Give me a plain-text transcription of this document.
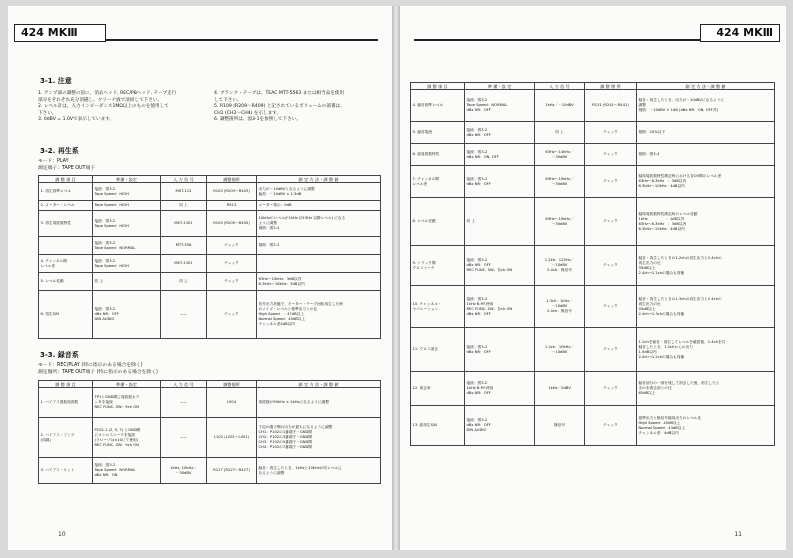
424 MKⅢ
3-1. 注意
1. アンプ部の調整の前に、消去ヘッド, REC/PBヘッド, テープ走行
部分をそれぞれ充分消磁し、クリーナ液で清掃して下さい。
2. レベル計は、入力インピーダンス1MΩ以上のものを使用して
下さい。
3. 0dBV = 1.0Vで表示しています。
4. ブランク・テープは、TEAC MTT-5563 または相当品を使用
して下さい。
5. R109 (R209～R409) と記されているボリュームの部番は、
CH1 (CH2～CH4) を示します。
6. 調整箇所は、図3-1を参照して下さい。
3-2. 再生系
モード：PLAY
測定端子：TAPE OUT端子
調 整 項 目	準備・設定	入 力 信 号	調整個所	測 定 方 法・調 整 値
1. 再生基準レベル	接続：図3-2
Tape Speed：HIGH	MXT-112	R103 (R203～R403)	出力が－10dBVとなるように調整
偏差：－10dBV ± 1.5dB
2. メーター・レベル	Tape Speed：HIGH	同 上	R513	メーター指示：0dB
3. 再生周波数特性	接続：図3-2
Tape Speed：HIGH	MXT-1301	R105 (R205～R405)	10kHzのレベルが1kHz (315Hz 以降レベル) になる
ように調整
規格：図3-3
	接続：図3-2
Tape Speed：NORMAL	MTT-356	チェック	規格：図3-3
4. チャンネル間
レベル差	接続：図3-2
Tape Speed：HIGH	MXT-1301	チェック	
5. レベル変動	同 上	同 上	チェック	63Hz～10kHz：3dB以内
6.3kHz～18kHz：3dB以内
6. 再生S/N	接続：図3-2
dBx NR：OFF
DIN AUDIO	——	チェック	信号出力状態で、モーター・テープ回転再生した時
のノイズ・レベルと基準出力との比
High Speed　：47dB以上
Normal Speed：45dB以上
チャンネル差4dB以内
3-3. 録音系
モード：REC/PLAY (特に指示のある場合を除く)
測定個所：TAPE OUT端子 (特に指示のある場合を除く)
調 整 項 目	準備・設定	入 力 信 号	調整個所	測 定 方 法・調 整 値
1. バイアス発振周波数	TP1とGND間に周波数カウ
ンタを接続
REC FUNC. SW：9ch ON	——	L504	周波数が90kHz ± 2kHzになるように調整
2. バイアス・アンプ
(同調)	P102-1 (2, 5, 7) とGND間
にオシロスコープを接続
(プローブは×10にて使用)
REC FUNC. SW：9ch ON	——	L101 (L201～L401)	下記の端子間の出力が最大になるように調整
CH1：P102の1番端子－GND間
CH2：P102の3番端子－GND間
CH3：P102の5番端子－GND間
CH4：P102の7番端子－GND間
3. バイアス・セット	接続：図3-2
Tape Speed：NORMAL
dBx NR：ON	1kHz, 10kHz／
－30dBV	R127 (R227～R427)	録音・再生したとき、1kHzと10kHzが同レベルに
なるように調整
10
424 MKⅢ
調 整 項 目	準 備・設 定	入 力 信 号	調 整 箇 所	測 定 方 法・調 整 値
4. 録音基準レベル	接続：図3-2
Tape Speed：NORMAL
dBx NR：OFF	1kHz／－10dBV	R131 (R241～R441)	録音・再生したとき、出力が－10dBVになるように
調整
規格：－10dBV ± 1dB (dBx NR：ON, OFF共)
5. 録音電流	接続：図3-2
dBx NR：OFF	同 上	チェック	規格：20%以下
6. 総周波数特性	接続：図3-2
dBx NR：ON, OFF	63Hz～14kHz／
－30dBV	チェック	規格：図3-4
7. チャンネル間
レベル差	接続：図3-2
dBx NR：OFF	63Hz～10kHz／
－30dBV	チェック	録再周波数特性測定時における各CH間のレベル差
63Hz～6.3kHz　：3dB以内
6.3kHz～10kHz：4dB以内
8. レベル変動	同 上	63Hz～10kHz／
－30dBV	チェック	録再周波数特性測定時のレベル変動
1kHz　　　　　：1dB以内
63Hz～6.3kHz　：3dB以内
6.3kHz～10kHz：4dB以内
9. トラック間
クロストーク	接続：図3-2
dBx NR：OFF
REC FUNC. SW：各ch ON	1.2kh：125Hz／
－10dBV
2.4ch：無信号	チェック	録音・再生したときの1.2chの再生出力と2.4chの
再生出力の比
35dB以上
2.4ch→1.2chの場合も同様
10. チャンネル・
セパレーション	接続：図3-2
1kHz B.P.F.使用
REC FUNC. SW：各ch ON
dBx NR：OFF	1.3ch：1kHz／
－10dBV
2.4ch：無信号	チェック	録音・再生したときの1.3chの再生出力と2.4chの
再生出力の比
45dB以上
2.4ch→1.3chの場合も同様
11. クロス消去	接続：図3-2
dBx NR：OFF	1.2ch：10kHz／
－10dBV	チェック	1.2chを録音・再生してレベルを確認後、2.4chを共
録音したとき、1.2chからの出力
1.5dB以内
2.4ch→1.2chの場合も同様
12. 消去率	接続：図3-2
1kHz B.P.F.使用
dBx NR：OFF	1kHz／0dBV	チェック	録音部分の一部を残して消去した後、再生したと
きの未消去部との比
65dB以上
13. 総再生S/N	接続：図3-2
dBx NR：OFF
DIN AUDIO	無信号	チェック	基準出力と無信号録再出力のレベル比
High Speed：45dB以上
Normal Speed：43dB以上
チャンネル差：4dB以内
11
